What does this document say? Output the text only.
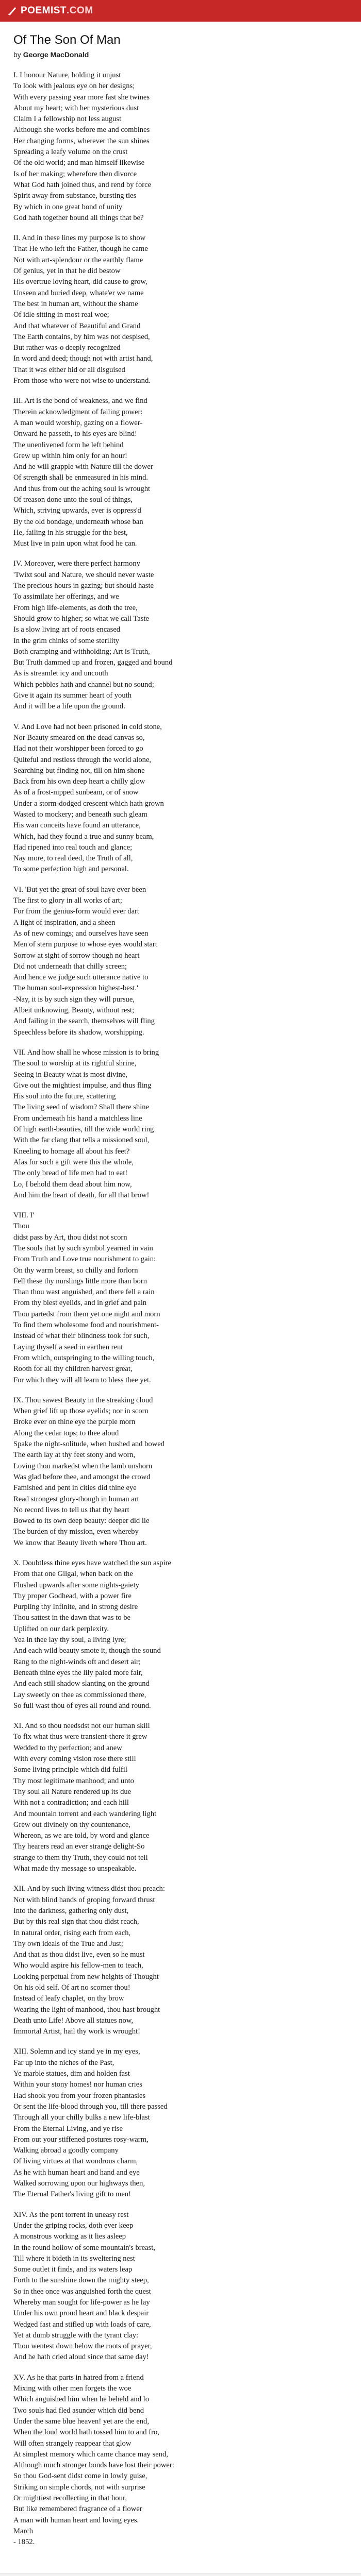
POEMIST .COM
Of The Son Of Man

by George MacDonald

I. I honour Nature, holding it unjust
To look with jealous eye on her designs;
With every passing year more fast she twines
About my heart; with her mysterious dust
Claim I a fellowship not less august
Although she works before me and combines
Her changing forms, wherever the sun shines
Spreading a leafy volume on the crust
Of the old world; and man himself likewise
Is of her making; wherefore then divorce
What God hath joined thus, and rend by force
Spirit away from substance, bursting ties
By which in one great bond of unity
God hath together bound all things that be?
II. And in these lines my purpose is to show
That He who left the Father, though he came
Not with art-splendour or the earthly flame
Of genius, yet in that he did bestow
His overtrue loving heart, did cause to grow,
Unseen and buried deep, whate'er we name
The best in human art, without the shame
Of idle sitting in most real woe;
And that whatever of Beautiful and Grand
The Earth contains, by him was not despised,
But rather was-o deeply recognized
In word and deed; though not with artist hand,
That it was either hid or all disguised
From those who were not wise to understand.
III. Art is the bond of weakness, and we find
Therein acknowledgment of failing power:
A man would worship, gazing on a flower-
Onward he passeth, to his eyes are blind!
The unenlivened form he left behind
Grew up within him only for an hour!
And he will grapple with Nature till the dower
Of strength shall be enmeasured in his mind.
And thus from out the aching soul is wrought
Of treason done unto the soul of things,
Which, striving upwards, ever is oppress'd
By the old bondage, underneath whose ban
He, failing in his struggle for the best,
Must live in pain upon what food he can.
IV. Moreover, were there perfect harmony
'Twixt soul and Nature, we should never waste
The precious hours in gazing; but should haste
To assimilate her offerings, and we
From high life-elements, as doth the tree,
Should grow to higher; so what we call Taste
Is a slow living art of roots encased
In the grim chinks of some sterility
Both cramping and withholding; Art is Truth,
But Truth dammed up and frozen, gagged and bound
As is streamlet icy and uncouth
Which pebbles hath and channel but no sound;
Give it again its summer heart of youth
And it will be a life upon the ground.
V. And Love had not been prisoned in cold stone,
Nor Beauty smeared on the dead canvas so,
Had not their worshipper been forced to go
Quiteful and restless through the world alone,
Searching but finding not, till on him shone
Back from his own deep heart a chilly glow
As of a frost-nipped sunbeam, or of snow
Under a storm-dodged crescent which hath grown
Wasted to mockery; and beneath such gleam
His wan conceits have found an utterance,
Which, had they found a true and sunny beam,
Had ripened into real touch and glance;
Nay more, to real deed, the Truth of all,
To some perfection high and personal.
VI. 'But yet the great of soul have ever been
The first to glory in all works of art;
For from the genius-form would ever dart
A light of inspiration, and a sheen
As of new comings; and ourselves have seen
Men of stern purpose to whose eyes would start
Sorrow at sight of sorrow though no heart
Did not underneath that chilly screen;
And hence we judge such utterance native to
The human soul-expression highest-best.'
-Nay, it is by such sign they will pursue,
Albeit unknowing, Beauty, without rest;
And failing in the search, themselves will fling
Speechless before its shadow, worshipping.
VII. And how shall he whose mission is to bring
The soul to worship at its rightful shrine,
Seeing in Beauty what is most divine,
Give out the mightiest impulse, and thus fling
His soul into the future, scattering
The living seed of wisdom? Shall there shine
From underneath his hand a matchless line
Of high earth-beauties, till the wide world ring
With the far clang that tells a missioned soul,
Kneeling to homage all about his feet?
Alas for such a gift were this the whole,
The only bread of life men had to eat!
Lo, I behold them dead about him now,
And him the heart of death, for all that brow!
VIII. I'
Thou
didst pass by Art, thou didst not scorn
The souls that by such symbol yearned in vain
From Truth and Love true nourishment to gain:
On thy warm breast, so chilly and forlorn
Fell these thy nurslings little more than born
Than thou wast anguished, and there fell a rain
From thy blest eyelids, and in grief and pain
Thou partedst from them yet one night and morn
To find them wholesome food and nourishment-
Instead of what their blindness took for such,
Laying thyself a seed in earthen rent
From which, outspringing to the willing touch,
Rooth for all thy children harvest great,
For which they will all learn to bless thee yet.
IX. Thou sawest Beauty in the streaking cloud
When grief lift up those eyelids; nor in scorn
Broke ever on thine eye the purple morn
Along the cedar tops; to thee aloud
Spake the night-solitude, when hushed and bowed
The earth lay at thy feet stony and worn,
Loving thou markedst when the lamb unshorn
Was glad before thee, and amongst the crowd
Famished and pent in cities did thine eye
Read strongest glory-though in human art
No record lives to tell us that thy heart
Bowed to its own deep beauty: deeper did lie
The burden of thy mission, even whereby
We know that Beauty liveth where Thou art.
X. Doubtless thine eyes have watched the sun aspire
From that one Gilgal, when back on the
Flushed upwards after some nights-gaiety
Thy proper Godhead, with a power fire
Purpling thy Infinite, and in strong desire
Thou sattest in the dawn that was to be
Uplifted on our dark perplexity.
Yea in thee lay thy soul, a living lyre;
And each wild beauty smote it, though the sound
Rang to the night-winds oft and desert air;
Beneath thine eyes the lily paled more fair,
And each still shadow slanting on the ground
Lay sweetly on thee as commissioned there,
So full wast thou of eyes all round and round.
XI. And so thou needsdst not our human skill
To fix what thus were transient-there it grew
Wedded to thy perfection; and anew
With every coming vision rose there still
Some living principle which did fulfil
Thy most legitimate manhood; and unto
Thy soul all Nature rendered up its due
With not a contradiction; and each hill
And mountain torrent and each wandering light
Grew out divinely on thy countenance,
Whereon, as we are told, by word and glance
Thy hearers read an ever strange delight-So
strange to them thy Truth, they could not tell
What made thy message so unspeakable.
XII. And by such living witness didst thou preach:
Not with blind hands of groping forward thrust
Into the darkness, gathering only dust,
But by this real sign that thou didst reach,
In natural order, rising each from each,
Thy own ideals of the True and Just;
And that as thou didst live, even so he must
Who would aspire his fellow-men to teach,
Looking perpetual from new heights of Thought
On his old self. Of art no scorner thou!
Instead of leafy chaplet, on thy brow
Wearing the light of manhood, thou hast brought
Death unto Life! Above all statues now,
Immortal Artist, hail thy work is wrought!
XIII. Solemn and icy stand ye in my eyes,
Far up into the niches of the Past,
Ye marble statues, dim and holden fast
Within your stony homes! nor human cries
Had shook you from your frozen phantasies
Or sent the life-blood through you, till there passed
Through all your chilly bulks a new life-blast
From the Eternal Living, and ye rise
From out your stiffened postures rosy-warm,
Walking abroad a goodly company
Of living virtues at that wondrous charm,
As he with human heart and hand and eye
Walked sorrowing upon our highways then,
The Eternal Father's living gift to men!
XIV. As the pent torrent in uneasy rest
Under the griping rocks, doth ever keep
A monstrous working as it lies asleep
In the round hollow of some mountain's breast,
Till where it bideth in its sweltering nest
Some outlet it finds, and its waters leap
Forth to the sunshine down the mighty steep,
So in thee once was anguished forth the quest
Whereby man sought for life-power as he lay
Under his own proud heart and black despair
Wedged fast and stifled up with loads of care,
Yet at dumb struggle with the tyrant clay:
Thou wentest down below the roots of prayer,
And he hath cried aloud since that same day!
XV. As he that parts in hatred from a friend
Mixing with other men forgets the woe
Which anguished him when he beheld and lo
Two souls had fled asunder which did bend
Under the same blue heaven! yet are the end,
When the loud world hath tossed him to and fro,
Will often strangely reappear that glow
At simplest memory which came chance may send,
Although much stronger bonds have lost their power:
So thou God-sent didst come in lowly guise,
Striking on simple chords, not with surprise
Or mightiest recollecting in that hour,
But like remembered fragrance of a flower
A man with human heart and loving eyes.
March
- 1852.
